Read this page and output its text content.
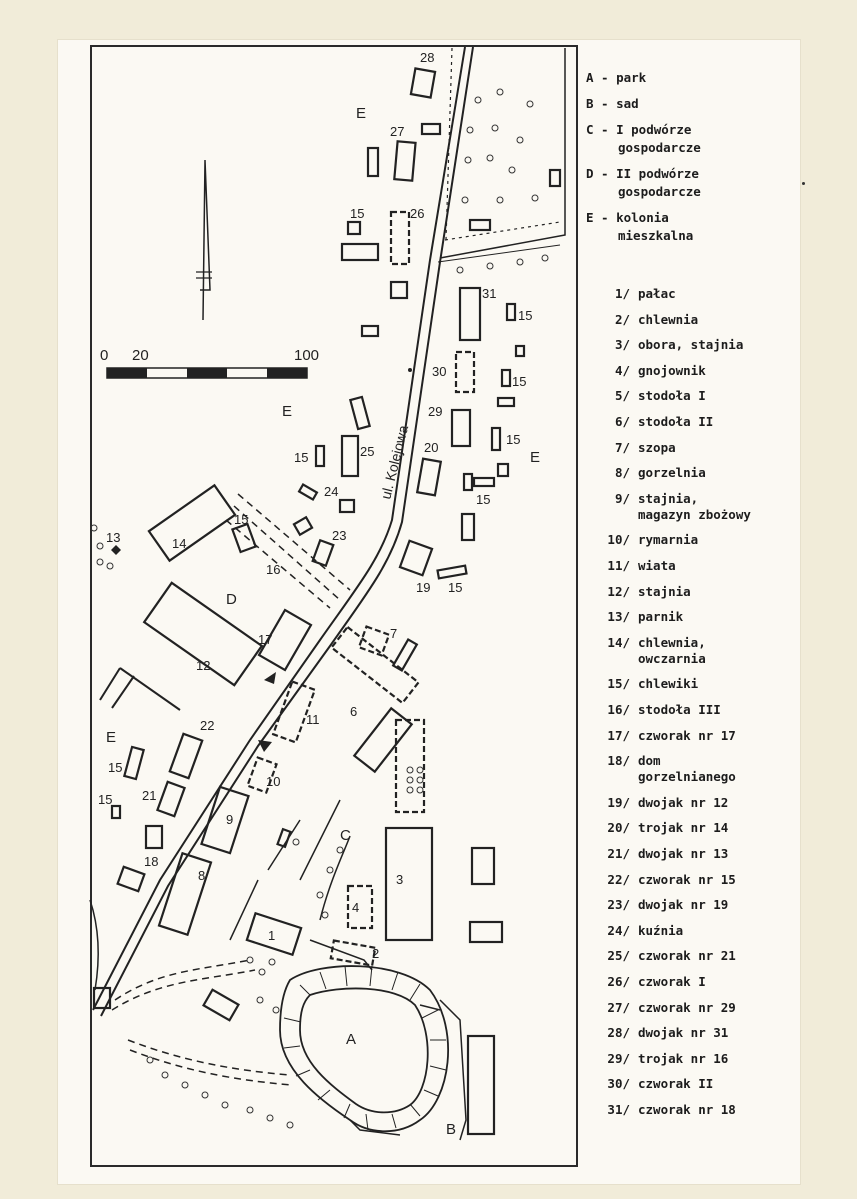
28
E
27
15	26
31
15
30
15
29
15
E
20
15
E
25
15
24
23
15
13	14
16
19 15
D
17
12
7
6
11
22
E
15
10
15 21
9
C
18
3
8
4
1
2
A
B
0 20	100
ul. Kolejowa
A - park
B - sad
C - I podwórze
gospodarcze
D - II podwórze
gospodarcze
E - kolonia
mieszkalna
1/ pałac
2/ chlewnia
3/ obora, stajnia
4/ gnojownik
5/ stodoła I
6/ stodoła II
7/ szopa
8/ gorzelnia
9/ stajnia,
magazyn zbożowy
10/ rymarnia
11/ wiata
12/ stajnia
13/ parnik
14/ chlewnia,
owczarnia
15/ chlewiki
16/ stodoła III
17/ czworak nr 17
18/ dom
gorzelnianego
19/ dwojak nr 12
20/ trojak nr 14
21/ dwojak nr 13
22/ czworak nr 15
23/ dwojak nr 19
24/ kuźnia
25/ czworak nr 21
26/ czworak I
27/ czworak nr 29
28/ dwojak nr 31
29/ trojak nr 16
30/ czworak II
31/ czworak nr 18
